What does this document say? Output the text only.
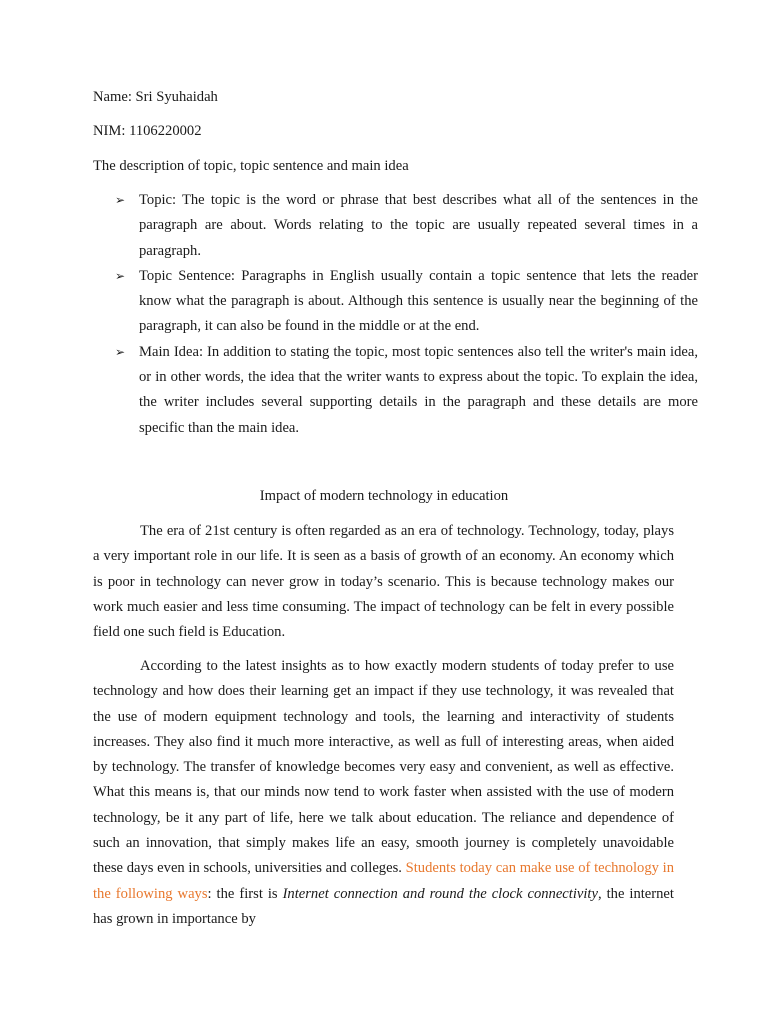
Name: Sri Syuhaidah
NIM: 1106220002
The description of topic, topic sentence and main idea
➢ Topic: The topic is the word or phrase that best describes what all of the sentences in the paragraph are about. Words relating to the topic are usually repeated several times in a paragraph.
➢ Topic Sentence: Paragraphs in English usually contain a topic sentence that lets the reader know what the paragraph is about. Although this sentence is usually near the beginning of the paragraph, it can also be found in the middle or at the end.
➢ Main Idea: In addition to stating the topic, most topic sentences also tell the writer's main idea, or in other words, the idea that the writer wants to express about the topic. To explain the idea, the writer includes several supporting details in the paragraph and these details are more specific than the main idea.
Impact of modern technology in education

The era of 21st century is often regarded as an era of technology. Technology, today, plays a very important role in our life. It is seen as a basis of growth of an economy. An economy which is poor in technology can never grow in today’s scenario. This is because technology makes our work much easier and less time consuming. The impact of technology can be felt in every possible field one such field is Education.

According to the latest insights as to how exactly modern students of today prefer to use technology and how does their learning get an impact if they use technology, it was revealed that the use of modern equipment technology and tools, the learning and interactivity of students increases. They also find it much more interactive, as well as full of interesting areas, when aided by technology. The transfer of knowledge becomes very easy and convenient, as well as effective. What this means is, that our minds now tend to work faster when assisted with the use of modern technology, be it any part of life, here we talk about education. The reliance and dependence of such an innovation, that simply makes life an easy, smooth journey is completely unavoidable these days even in schools, universities and colleges. Students today can make use of technology in the following ways: the first is Internet connection and round the clock connectivity, the internet has grown in importance by
